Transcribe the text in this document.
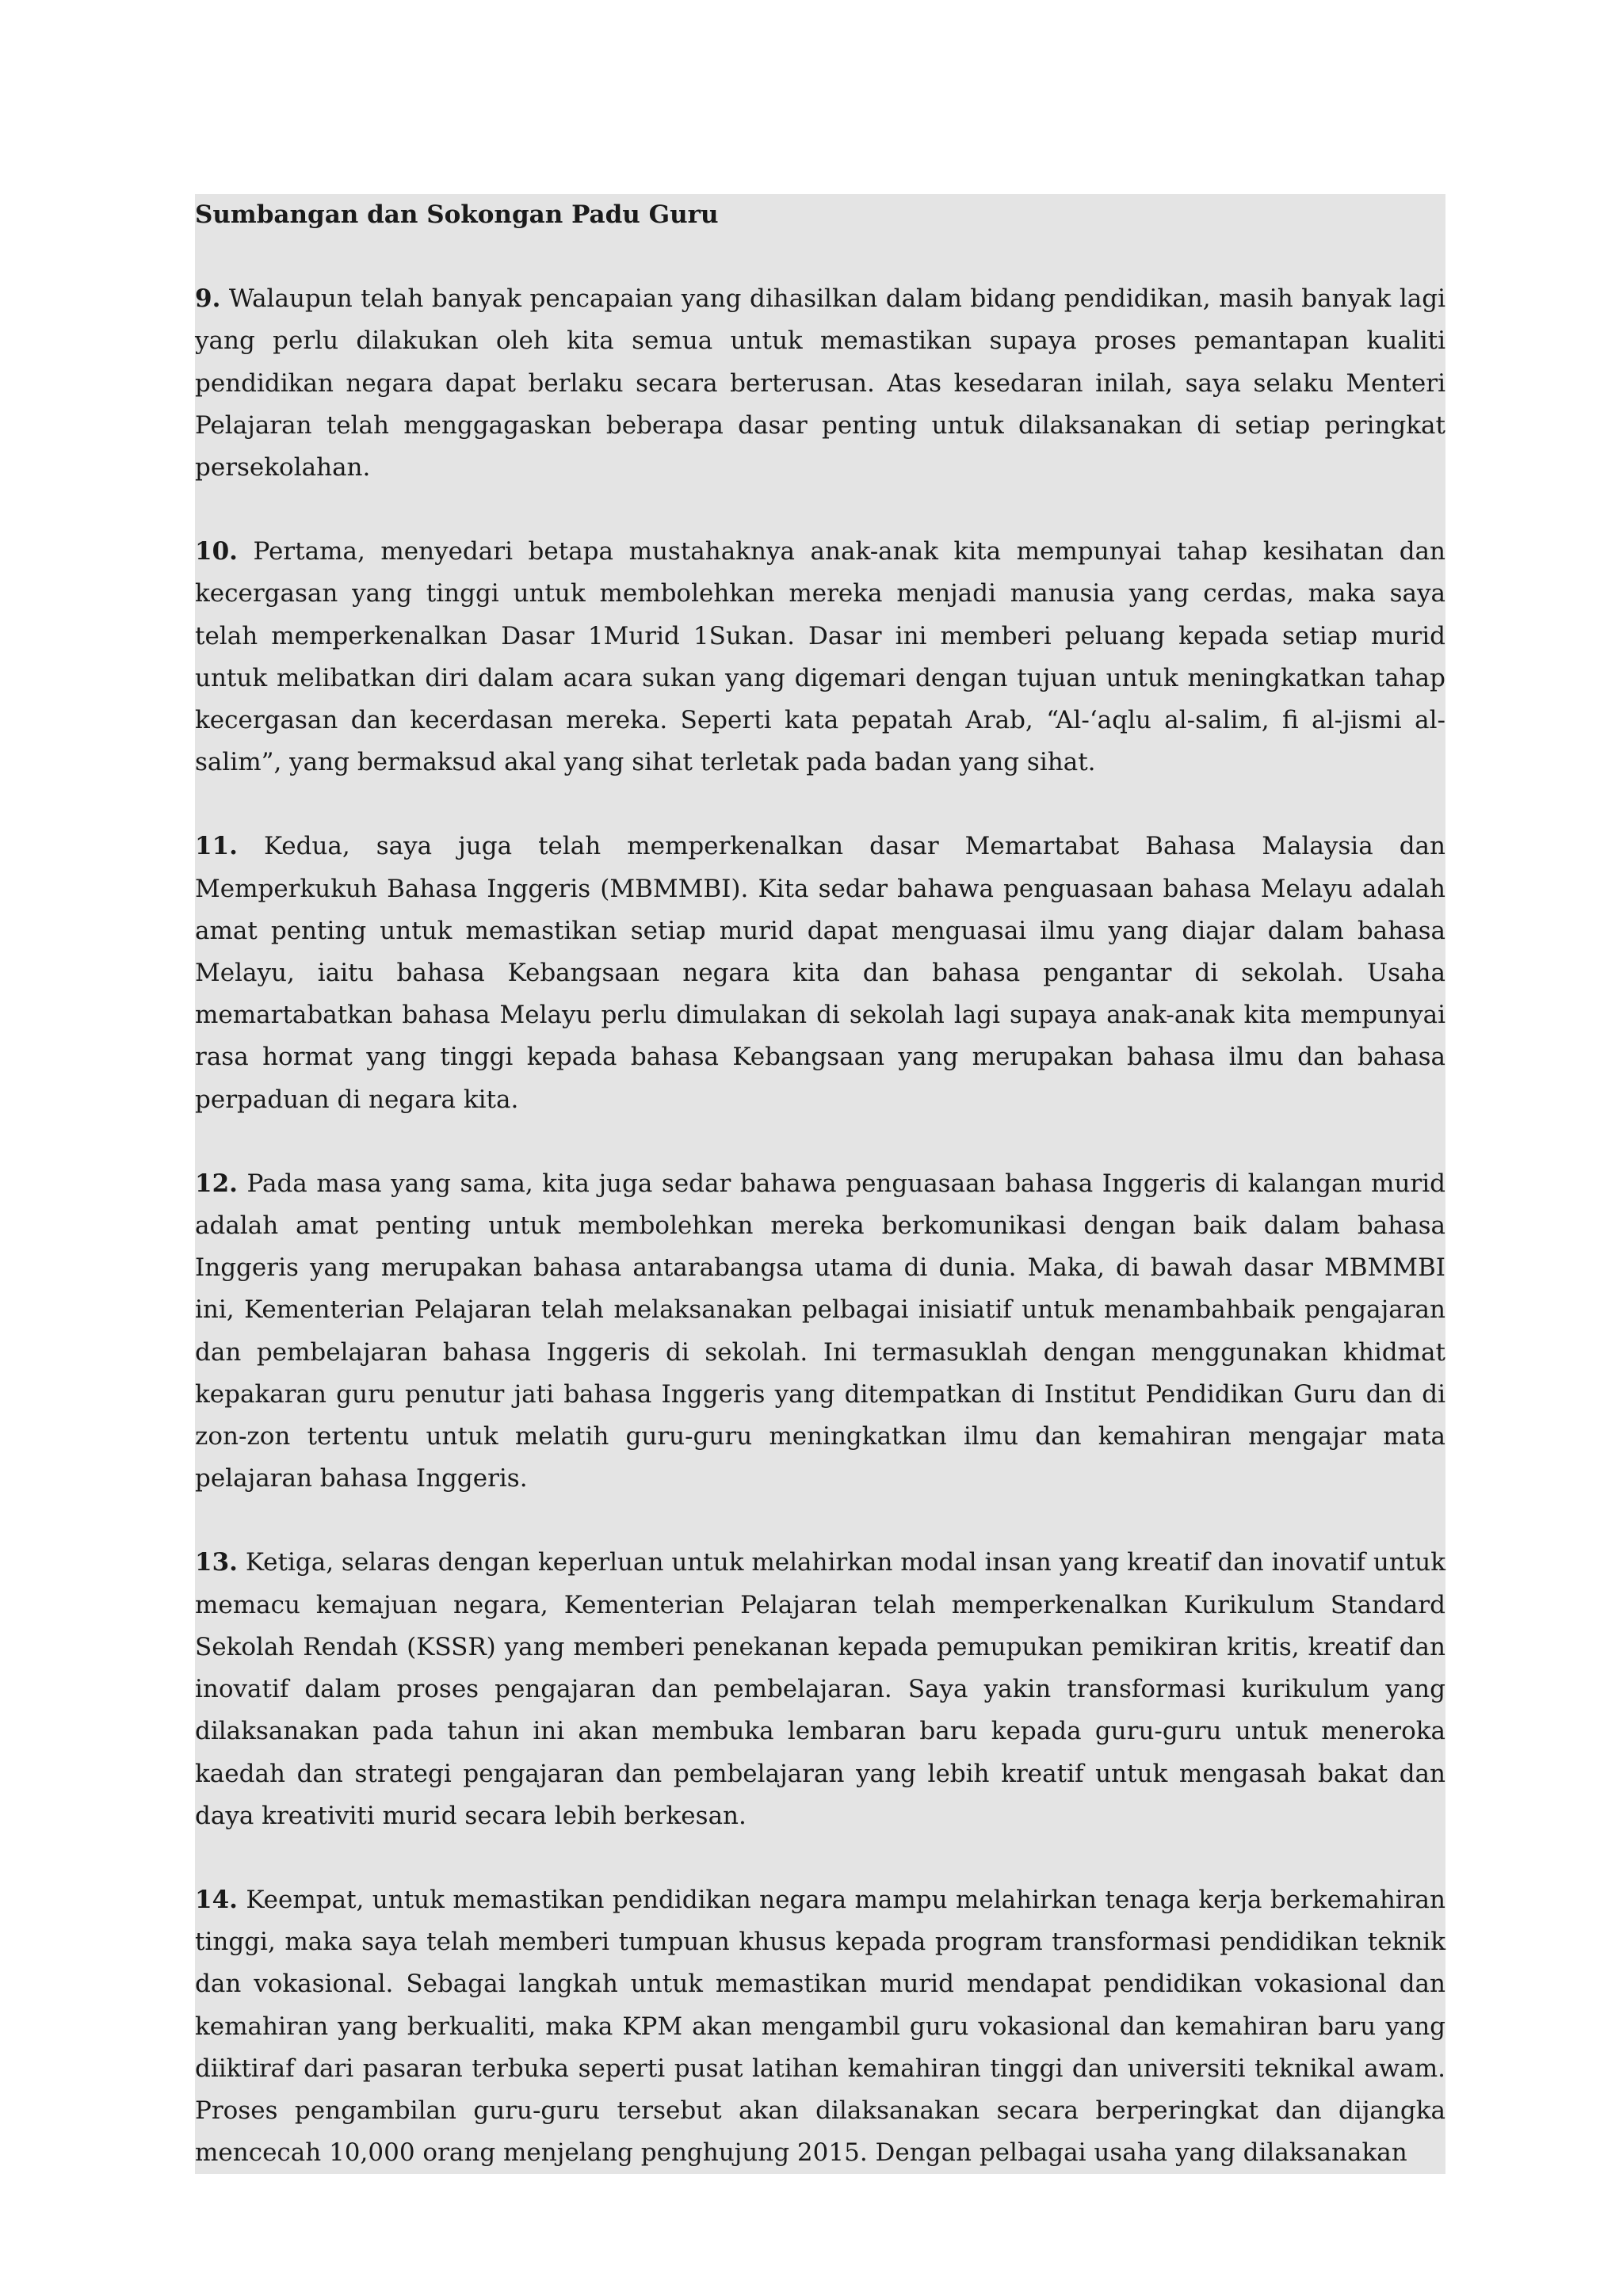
Sumbangan dan Sokongan Padu Guru

9. Walaupun telah banyak pencapaian yang dihasilkan dalam bidang pendidikan, masih banyak lagi yang perlu dilakukan oleh kita semua untuk memastikan supaya proses pemantapan kualiti pendidikan negara dapat berlaku secara berterusan. Atas kesedaran inilah, saya selaku Menteri Pelajaran telah menggagaskan beberapa dasar penting untuk dilaksanakan di setiap peringkat persekolahan.

10. Pertama, menyedari betapa mustahaknya anak-anak kita mempunyai tahap kesihatan dan kecergasan yang tinggi untuk membolehkan mereka menjadi manusia yang cerdas, maka saya telah memperkenalkan Dasar 1Murid 1Sukan. Dasar ini memberi peluang kepada setiap murid untuk melibatkan diri dalam acara sukan yang digemari dengan tujuan untuk meningkatkan tahap kecergasan dan kecerdasan mereka. Seperti kata pepatah Arab, “Al-‘aqlu al-salim, fi al-jismi al-salim”, yang bermaksud akal yang sihat terletak pada badan yang sihat.

11. Kedua, saya juga telah memperkenalkan dasar Memartabat Bahasa Malaysia dan Memperkukuh Bahasa Inggeris (MBMMBI). Kita sedar bahawa penguasaan bahasa Melayu adalah amat penting untuk memastikan setiap murid dapat menguasai ilmu yang diajar dalam bahasa Melayu, iaitu bahasa Kebangsaan negara kita dan bahasa pengantar di sekolah. Usaha memartabatkan bahasa Melayu perlu dimulakan di sekolah lagi supaya anak-anak kita mempunyai rasa hormat yang tinggi kepada bahasa Kebangsaan yang merupakan bahasa ilmu dan bahasa perpaduan di negara kita.

12. Pada masa yang sama, kita juga sedar bahawa penguasaan bahasa Inggeris di kalangan murid adalah amat penting untuk membolehkan mereka berkomunikasi dengan baik dalam bahasa Inggeris yang merupakan bahasa antarabangsa utama di dunia. Maka, di bawah dasar MBMMBI ini, Kementerian Pelajaran telah melaksanakan pelbagai inisiatif untuk menambahbaik pengajaran dan pembelajaran bahasa Inggeris di sekolah. Ini termasuklah dengan menggunakan khidmat kepakaran guru penutur jati bahasa Inggeris yang ditempatkan di Institut Pendidikan Guru dan di zon-zon tertentu untuk melatih guru-guru meningkatkan ilmu dan kemahiran mengajar mata pelajaran bahasa Inggeris.

13. Ketiga, selaras dengan keperluan untuk melahirkan modal insan yang kreatif dan inovatif untuk memacu kemajuan negara, Kementerian Pelajaran telah memperkenalkan Kurikulum Standard Sekolah Rendah (KSSR) yang memberi penekanan kepada pemupukan pemikiran kritis, kreatif dan inovatif dalam proses pengajaran dan pembelajaran. Saya yakin transformasi kurikulum yang dilaksanakan pada tahun ini akan membuka lembaran baru kepada guru-guru untuk meneroka kaedah dan strategi pengajaran dan pembelajaran yang lebih kreatif untuk mengasah bakat dan daya kreativiti murid secara lebih berkesan.

14. Keempat, untuk memastikan pendidikan negara mampu melahirkan tenaga kerja berkemahiran tinggi, maka saya telah memberi tumpuan khusus kepada program transformasi pendidikan teknik dan vokasional. Sebagai langkah untuk memastikan murid mendapat pendidikan vokasional dan kemahiran yang berkualiti, maka KPM akan mengambil guru vokasional dan kemahiran baru yang diiktiraf dari pasaran terbuka seperti pusat latihan kemahiran tinggi dan universiti teknikal awam. Proses pengambilan guru-guru tersebut akan dilaksanakan secara berperingkat dan dijangka mencecah 10,000 orang menjelang penghujung 2015. Dengan pelbagai usaha yang dilaksanakan
